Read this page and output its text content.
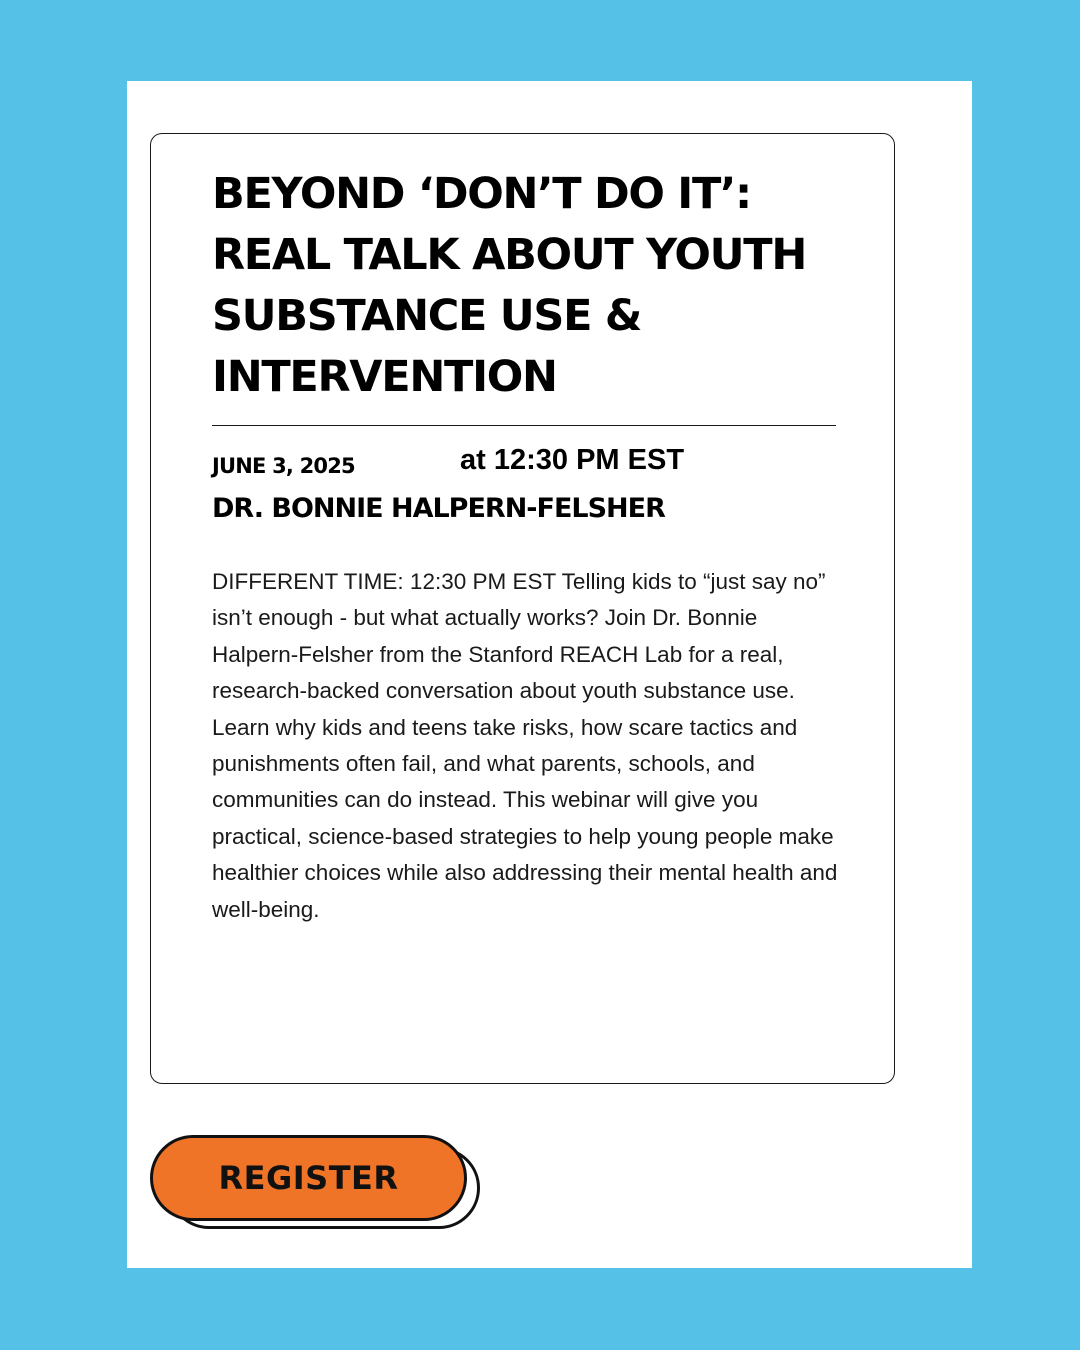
BEYOND ‘DON’T DO IT’: REAL TALK ABOUT YOUTH SUBSTANCE USE & INTERVENTION
JUNE 3, 2025	at 12:30 PM EST
DR. BONNIE HALPERN-FELSHER

DIFFERENT TIME: 12:30 PM EST Telling kids to “just say no” isn’t enough - but what actually works? Join Dr. Bonnie Halpern-Felsher from the Stanford REACH Lab for a real, research-backed conversation about youth substance use. Learn why kids and teens take risks, how scare tactics and punishments often fail, and what parents, schools, and communities can do instead. This webinar will give you practical, science-based strategies to help young people make healthier choices while also addressing their mental health and well-being.

REGISTER
